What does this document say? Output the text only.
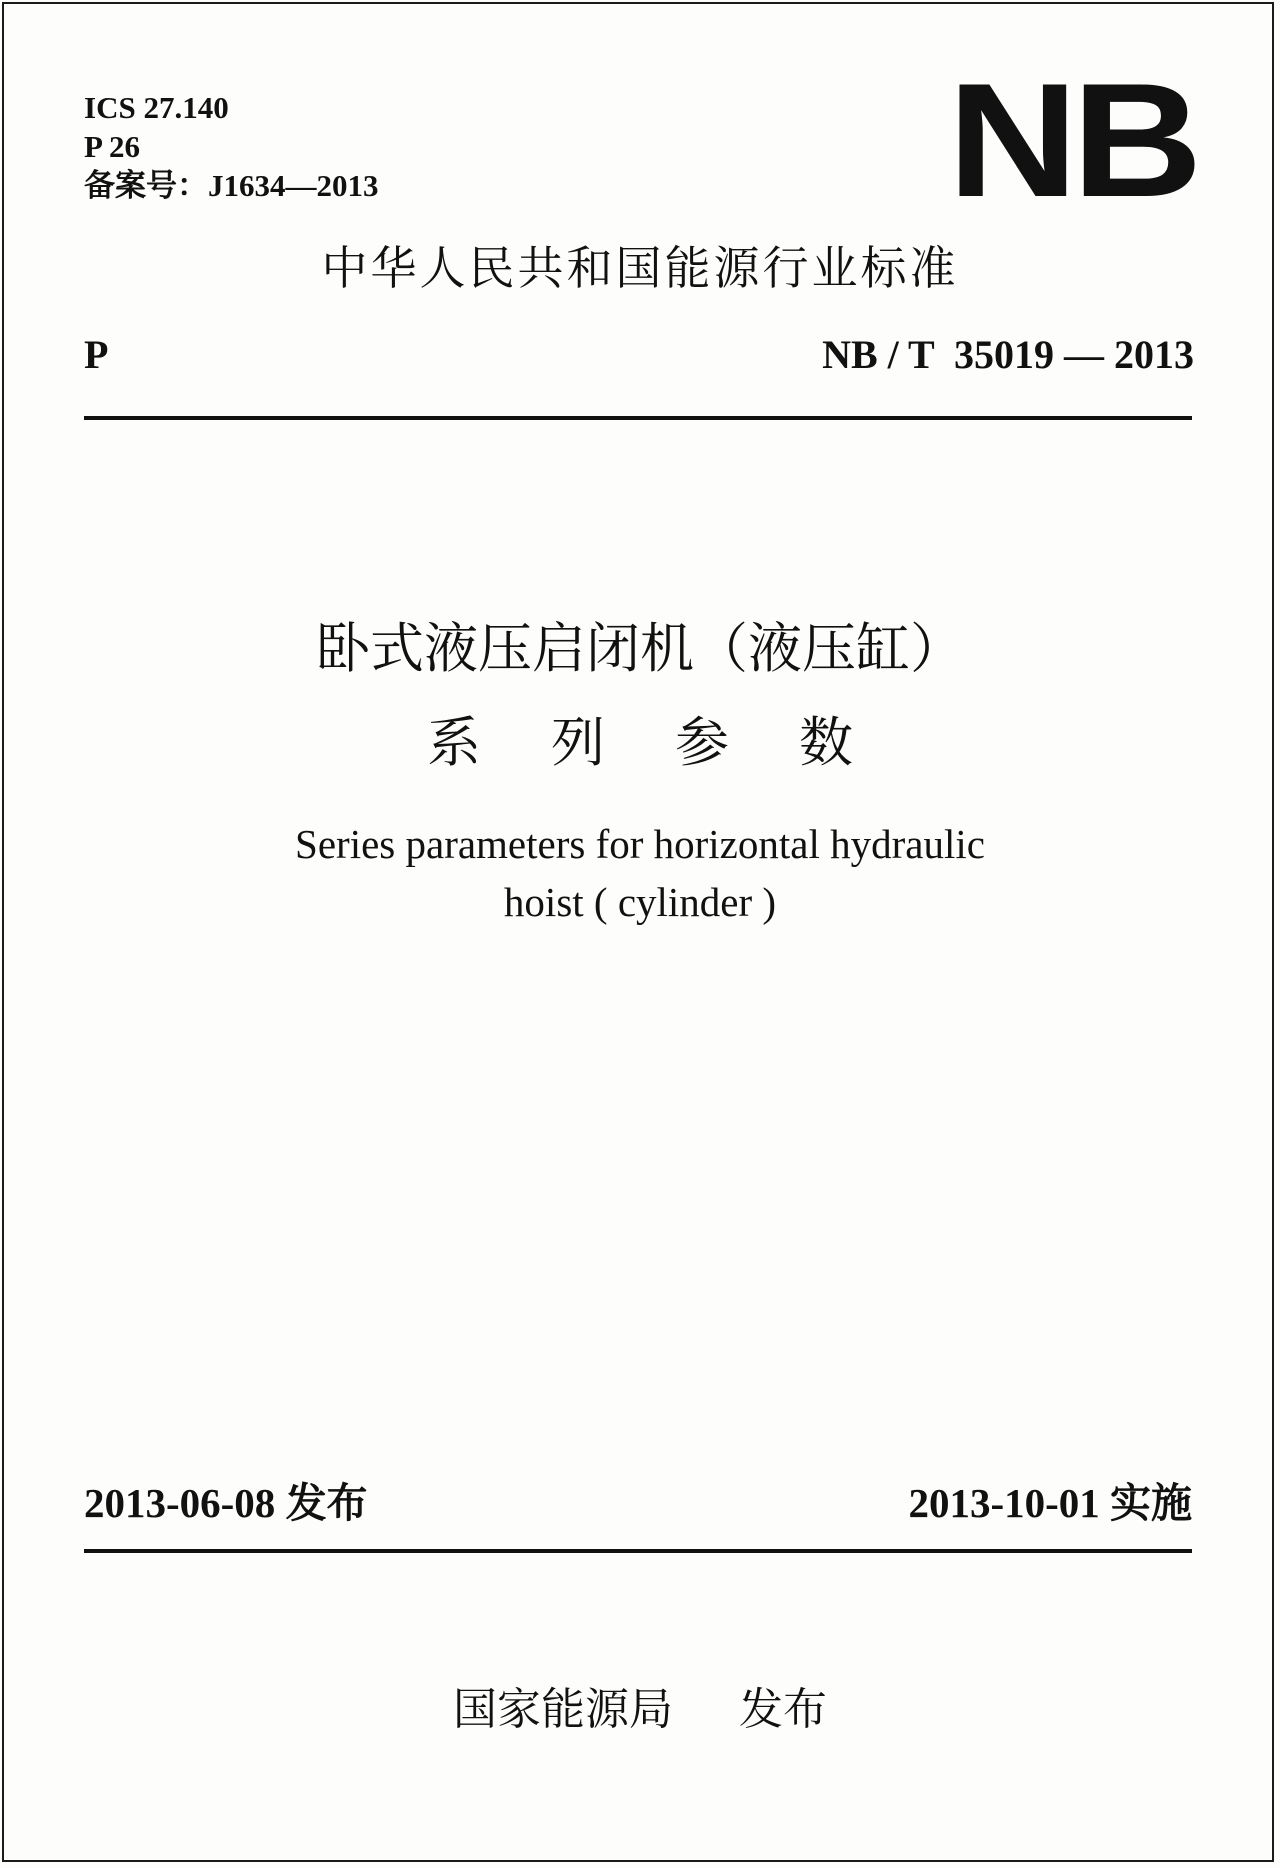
ICS 27.140
P 26
备案号：J1634—2013	NB
中华人民共和国能源行业标准
P	NB / T  35019 — 2013
卧式液压启闭机（液压缸）
系列参数
Series parameters for horizontal hydraulic
hoist ( cylinder )
2013-06-08 发布	2013-10-01 实施
国家能源局 发布
